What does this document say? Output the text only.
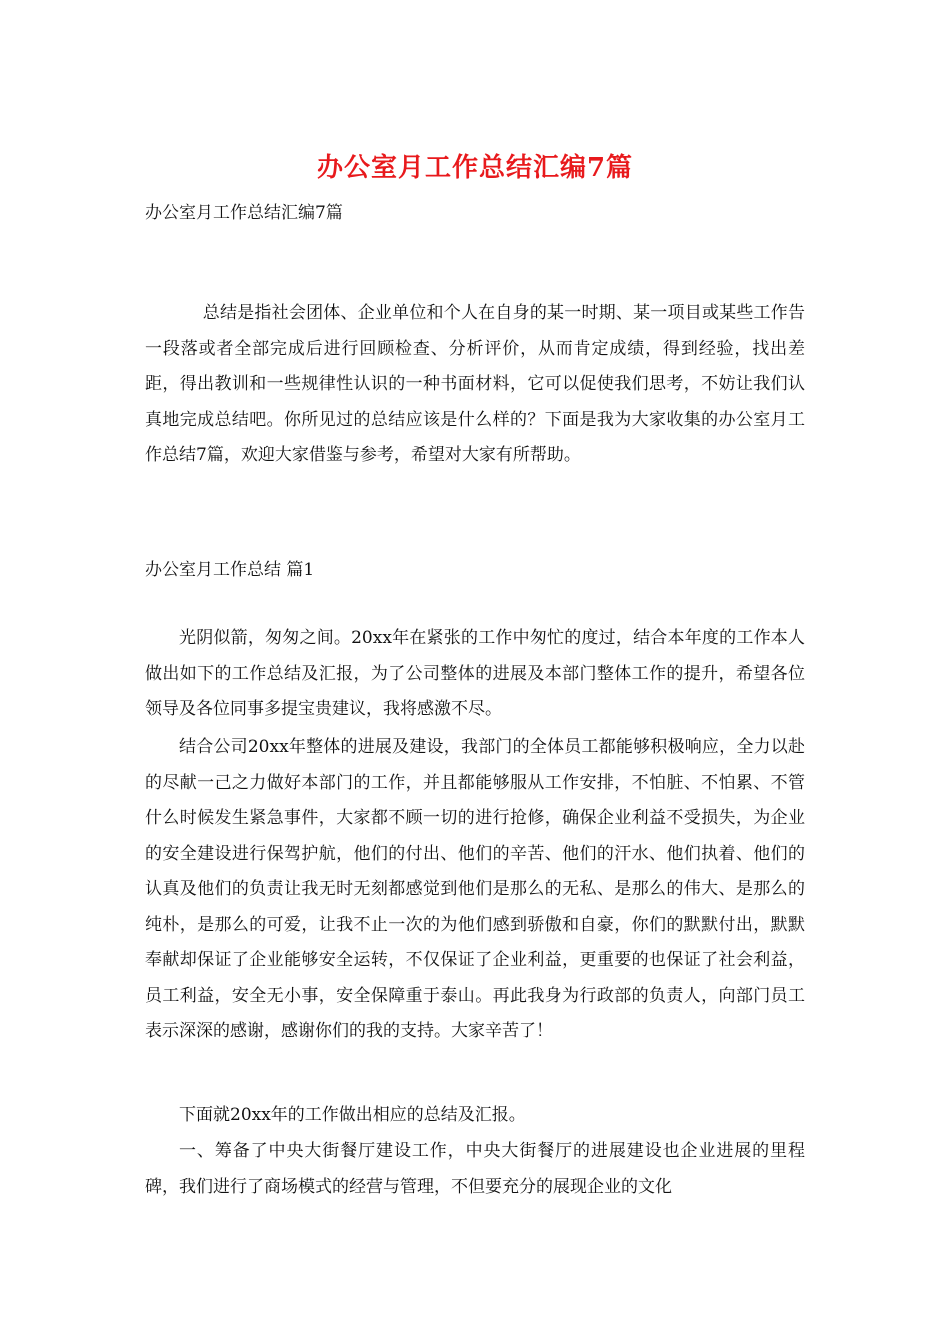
办公室月工作总结汇编7篇

办公室月工作总结汇编7篇

总结是指社会团体、企业单位和个人在自身的某一时期、某一项目或某些工作告一段落或者全部完成后进行回顾检查、分析评价，从而肯定成绩，得到经验，找出差距，得出教训和一些规律性认识的一种书面材料，它可以促使我们思考，不妨让我们认真地完成总结吧。你所见过的总结应该是什么样的？下面是我为大家收集的办公室月工作总结7篇，欢迎大家借鉴与参考，希望对大家有所帮助。

办公室月工作总结 篇1

光阴似箭，匆匆之间。20xx年在紧张的工作中匆忙的度过，结合本年度的工作本人做出如下的工作总结及汇报，为了公司整体的进展及本部门整体工作的提升，希望各位领导及各位同事多提宝贵建议，我将感激不尽。

结合公司20xx年整体的进展及建设，我部门的全体员工都能够积极响应，全力以赴的尽献一己之力做好本部门的工作，并且都能够服从工作安排，不怕脏、不怕累、不管什么时候发生紧急事件，大家都不顾一切的进行抢修，确保企业利益不受损失，为企业的安全建设进行保驾护航，他们的付出、他们的辛苦、他们的汗水、他们执着、他们的认真及他们的负责让我无时无刻都感觉到他们是那么的无私、是那么的伟大、是那么的纯朴，是那么的可爱，让我不止一次的为他们感到骄傲和自豪，你们的默默付出，默默奉献却保证了企业能够安全运转，不仅保证了企业利益，更重要的也保证了社会利益，员工利益，安全无小事，安全保障重于泰山。再此我身为行政部的负责人，向部门员工表示深深的感谢，感谢你们的我的支持。大家辛苦了！

下面就20xx年的工作做出相应的总结及汇报。

一、筹备了中央大街餐厅建设工作，中央大街餐厅的进展建设也企业进展的里程碑，我们进行了商场模式的经营与管理，不但要充分的展现企业的文化
